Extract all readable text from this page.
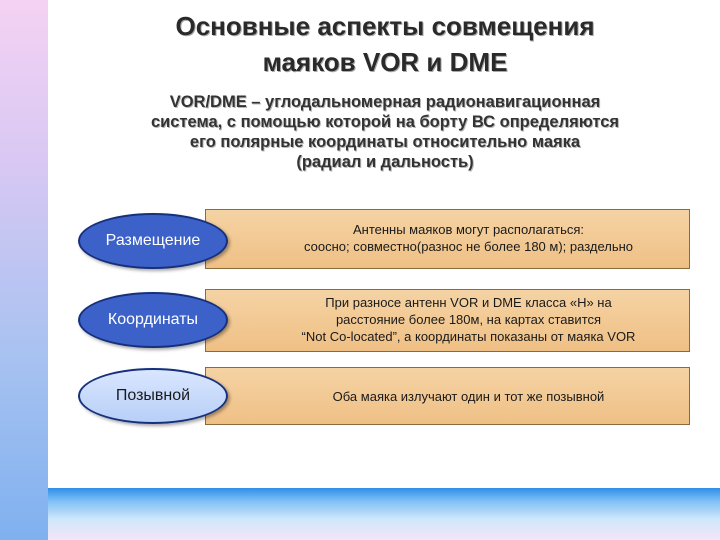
Основные аспекты совмещения
маяков VOR и DME
VOR/DME – углодальномерная радионавигационная
система, с помощью которой на борту ВС определяются
его полярные координаты относительно маяка
(радиал и дальность)
Антенны маяков могут располагаться:
соосно; совместно(разнос не более 180 м); раздельно
Размещение
При разносе антенн VOR и DME класса «H» на
расстояние более 180м, на картах ставится
“Not Co-located”, а координаты показаны от маяка VOR
Координаты
Оба маяка излучают один и тот же позывной
Позывной
